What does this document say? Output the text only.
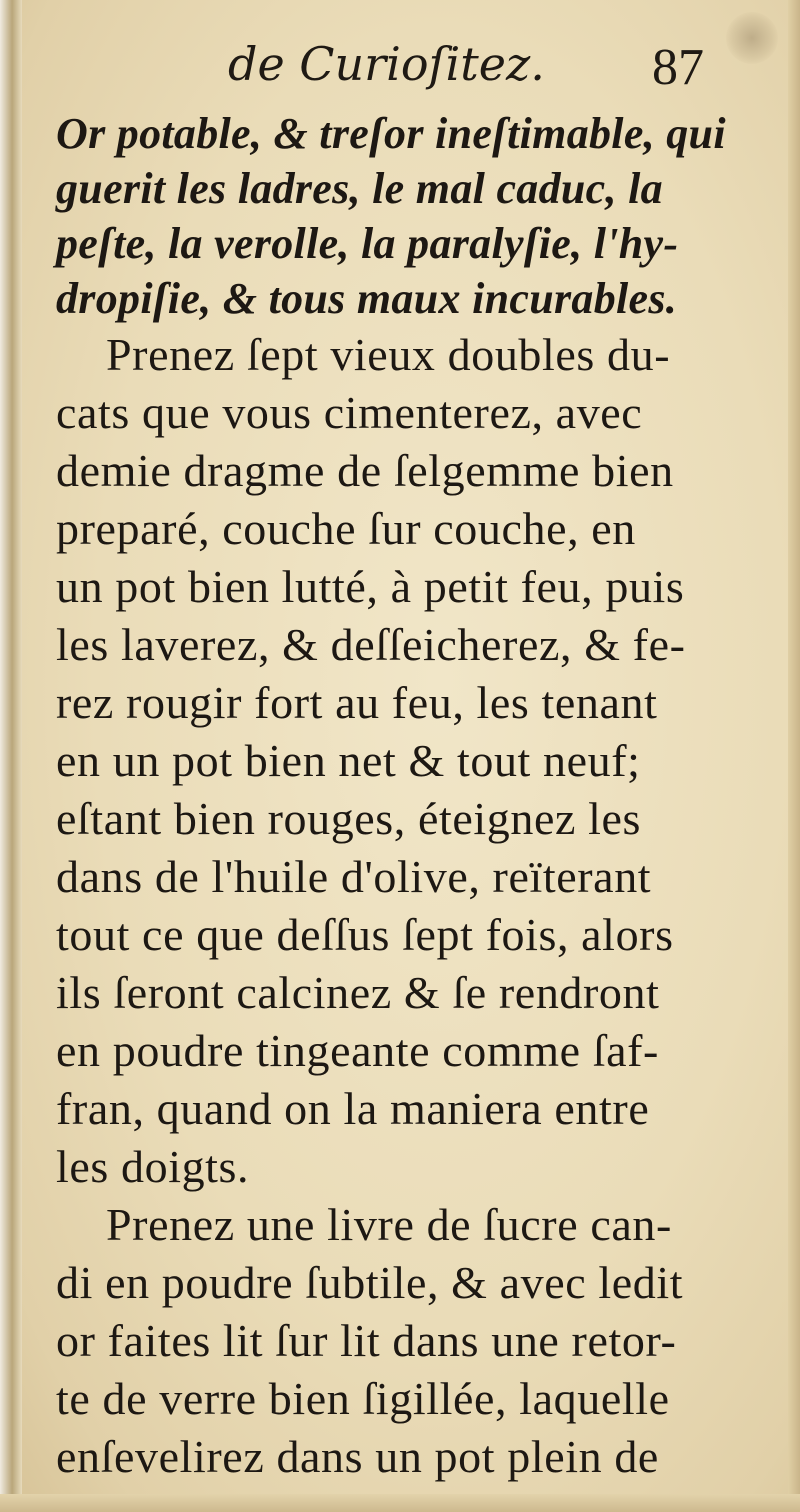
de Curioſitez. 87
Or potable, & treſor ineſtimable, qui
guerit les ladres, le mal caduc, la
peſte, la verolle, la paralyſie, l'hy-
dropiſie, & tous maux incurables.
Prenez ſept vieux doubles du-
cats que vous cimenterez, avec
demie dragme de ſelgemme bien
preparé, couche ſur couche, en
un pot bien lutté, à petit feu, puis
les laverez, & deſſeicherez, & fe-
rez rougir fort au feu, les tenant
en un pot bien net & tout neuf;
eſtant bien rouges, éteignez les
dans de l'huile d'olive, reïterant
tout ce que deſſus ſept fois, alors
ils ſeront calcinez & ſe rendront
en poudre tingeante comme ſaf-
fran, quand on la maniera entre
les doigts.
Prenez une livre de ſucre can-
di en poudre ſubtile, & avec ledit
or faites lit ſur lit dans une retor-
te de verre bien ſigillée, laquelle
enſevelirez dans un pot plein de
